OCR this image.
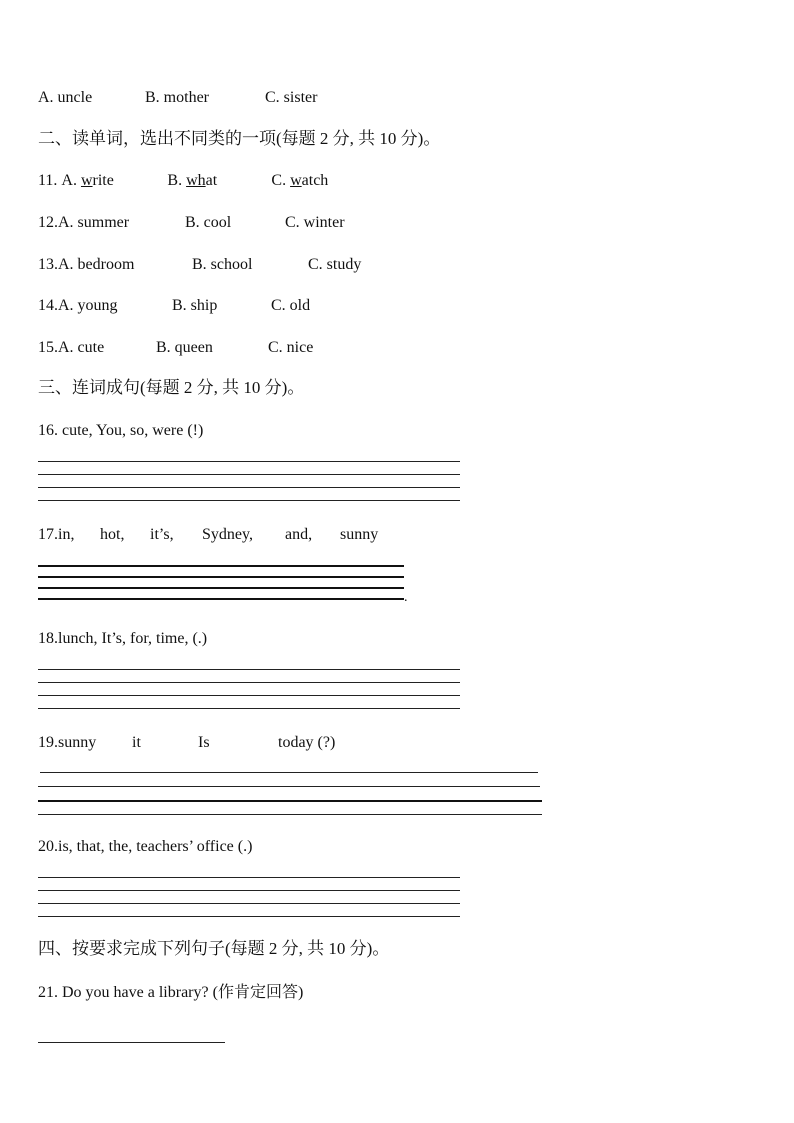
A. uncle	B. mother	C. sister
二、读单词，选出不同类的一项(每题 2 分, 共 10 分)。
11. A. write	B. what	C. watch
12.A. summer	B. cool	C. winter
13.A. bedroom	B. school	C. study
14.A. young	B. ship	C. old
15.A. cute	B. queen	C. nice
三、连词成句(每题 2 分, 共 10 分)。
16. cute, You, so, were (!)
17.in, hot, it’s, Sydney, and, sunny
.
18.lunch, It’s, for, time, (.)
19.sunny it	Is	today (?)
20.is, that, the, teachers’ office (.)
四、按要求完成下列句子(每题 2 分, 共 10 分)。
21. Do you have a library? (作肯定回答)
